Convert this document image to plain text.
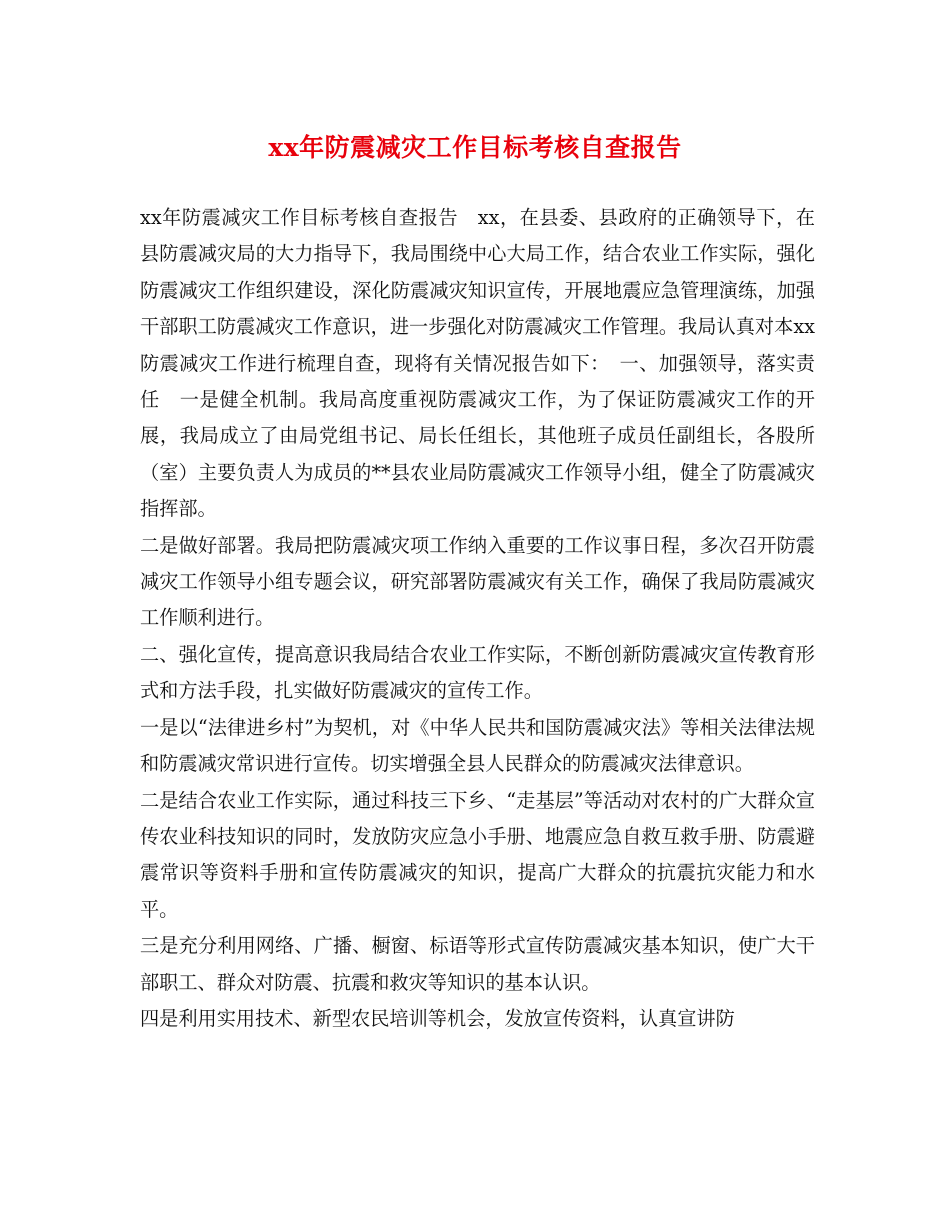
xx年防震减灾工作目标考核自查报告

xx年防震减灾工作目标考核自查报告　xx，在县委、县政府的正确领导下，在县防震减灾局的大力指导下，我局围绕中心大局工作，结合农业工作实际，强化防震减灾工作组织建设，深化防震减灾知识宣传，开展地震应急管理演练，加强干部职工防震减灾工作意识，进一步强化对防震减灾工作管理。我局认真对本xx防震减灾工作进行梳理自查，现将有关情况报告如下：　一、加强领导，落实责任　一是健全机制。我局高度重视防震减灾工作，为了保证防震减灾工作的开展，我局成立了由局党组书记、局长任组长，其他班子成员任副组长，各股所（室）主要负责人为成员的**县农业局防震减灾工作领导小组，健全了防震减灾指挥部。

二是做好部署。我局把防震减灾项工作纳入重要的工作议事日程，多次召开防震减灾工作领导小组专题会议，研究部署防震减灾有关工作，确保了我局防震减灾工作顺利进行。

二、强化宣传，提高意识我局结合农业工作实际，不断创新防震减灾宣传教育形式和方法手段，扎实做好防震减灾的宣传工作。

一是以“法律进乡村”为契机，对《中华人民共和国防震减灾法》等相关法律法规和防震减灾常识进行宣传。切实增强全县人民群众的防震减灾法律意识。

二是结合农业工作实际，通过科技三下乡、“走基层”等活动对农村的广大群众宣传农业科技知识的同时，发放防灾应急小手册、地震应急自救互救手册、防震避震常识等资料手册和宣传防震减灾的知识，提高广大群众的抗震抗灾能力和水平。

三是充分利用网络、广播、橱窗、标语等形式宣传防震减灾基本知识，使广大干部职工、群众对防震、抗震和救灾等知识的基本认识。

四是利用实用技术、新型农民培训等机会，发放宣传资料，认真宣讲防
